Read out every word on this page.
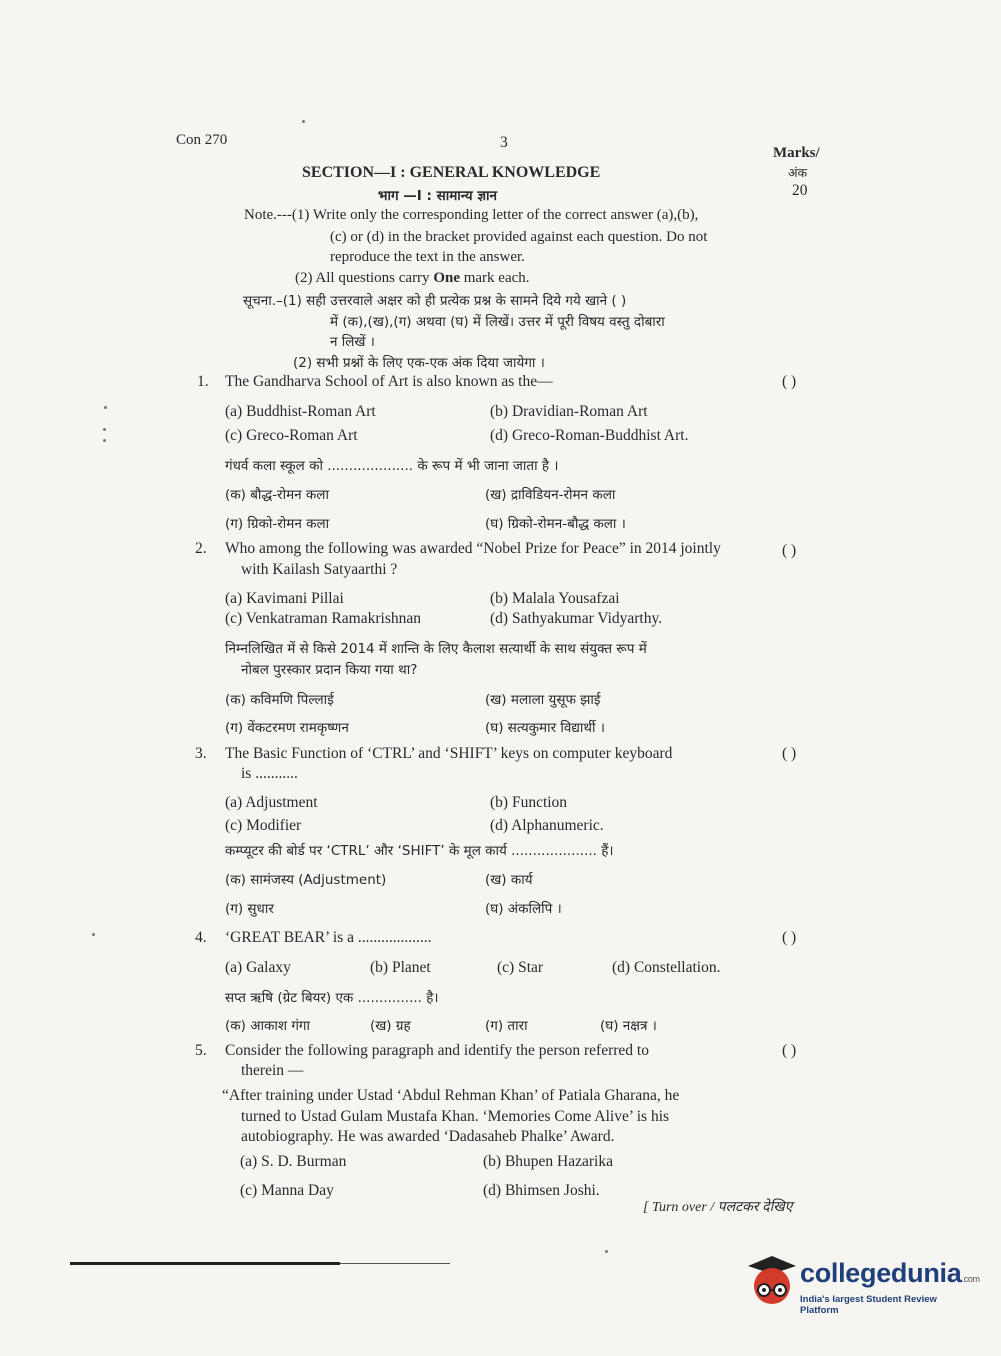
Con 270	3
Marks/
अंक
20
SECTION—I : GENERAL KNOWLEDGE
भाग —I : सामान्य ज्ञान
Note.---(1) Write only the corresponding letter of the correct answer (a),(b),
(c) or (d) in the bracket provided against each question. Do not
reproduce the text in the answer.
(2) All questions carry One mark each.
सूचना.–(1) सही उत्तरवाले अक्षर को ही प्रत्येक प्रश्न के सामने दिये गये खाने ( )
में (क),(ख),(ग) अथवा (घ) में लिखें। उत्तर में पूरी विषय वस्तु दोबारा
न लिखें ।
(2) सभी प्रश्नों के लिए एक-एक अंक दिया जायेगा ।
1. The Gandharva School of Art is also known as the—	( )
(a) Buddhist-Roman Art	(b) Dravidian-Roman Art
(c) Greco-Roman Art	(d) Greco-Roman-Buddhist Art.
गंधर्व कला स्कूल को .................... के रूप में भी जाना जाता है ।
(क) बौद्ध-रोमन कला	(ख) द्राविडियन-रोमन कला
(ग) ग्रिको-रोमन कला	(घ) ग्रिको-रोमन-बौद्ध कला ।
2. Who among the following was awarded “Nobel Prize for Peace” in 2014 jointly
with Kailash Satyaarthi ?
( )
(a) Kavimani Pillai	(b) Malala Yousafzai
(c) Venkatraman Ramakrishnan	(d) Sathyakumar Vidyarthy.
निम्नलिखित में से किसे 2014 में शान्ति के लिए कैलाश सत्यार्थी के साथ संयुक्त रूप में
नोबल पुरस्कार प्रदान किया गया था?
(क) कविमणि पिल्लाई	(ख) मलाला युसूफ झाई
(ग) वेंकटरमण रामकृष्णन	(घ) सत्यकुमार विद्यार्थी ।
3. The Basic Function of ‘CTRL’ and ‘SHIFT’ keys on computer keyboard
is ...........
( )
(a) Adjustment	(b) Function
(c) Modifier	(d) Alphanumeric.
कम्प्यूटर की बोर्ड पर ‘CTRL’ और ‘SHIFT’ के मूल कार्य .................... हैं।
(क) सामंजस्य (Adjustment)	(ख) कार्य
(ग) सुधार	(घ) अंकलिपि ।
4. ‘GREAT BEAR’ is a ...................	( )
(a) Galaxy	(b) Planet	(c) Star	(d) Constellation.
सप्त ऋषि (ग्रेट बियर) एक ............... है।
(क) आकाश गंगा	(ख) ग्रह	(ग) तारा	(घ) नक्षत्र ।
5. Consider the following paragraph and identify the person referred to
therein —
( )
“After training under Ustad ‘Abdul Rehman Khan’ of Patiala Gharana, he
turned to Ustad Gulam Mustafa Khan. ‘Memories Come Alive’ is his
autobiography. He was awarded ‘Dadasaheb Phalke’ Award.
(a) S. D. Burman	(b) Bhupen Hazarika
(c) Manna Day	(d) Bhimsen Joshi.
[ Turn over / पलटकर देखिए
collegedunia.com
India's largest Student Review Platform
